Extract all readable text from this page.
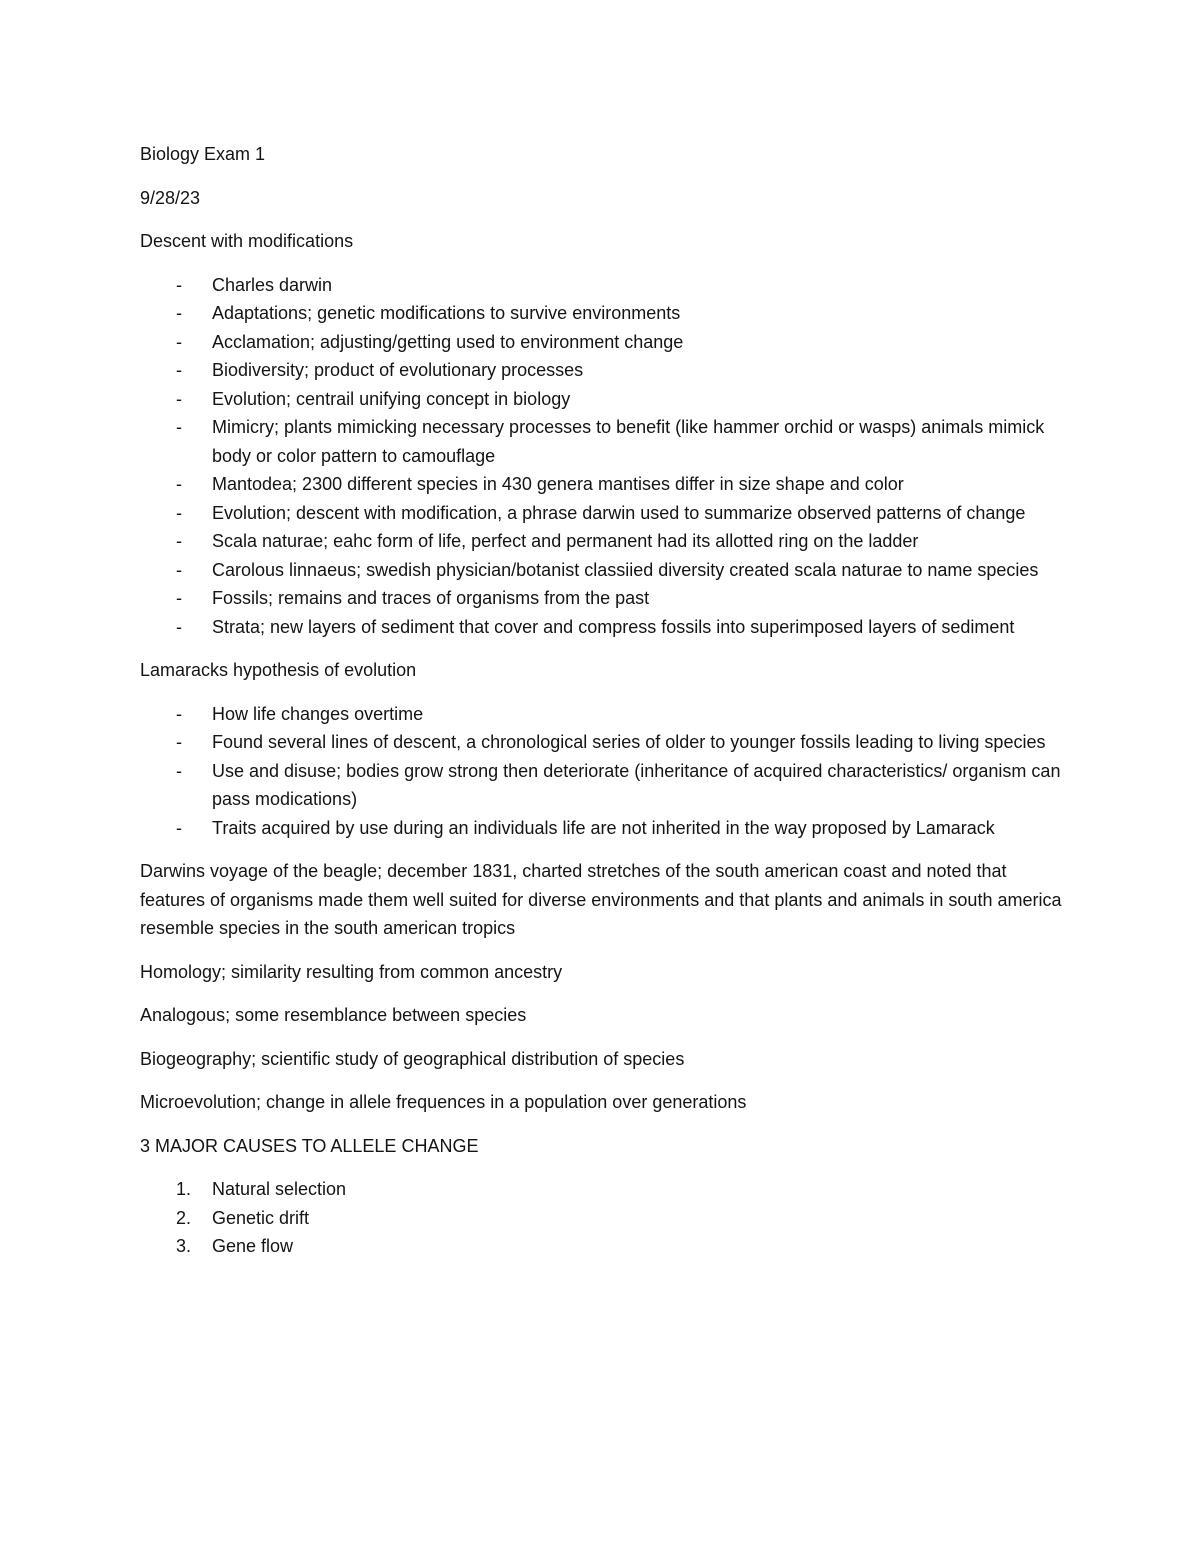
Biology Exam 1

9/28/23

Descent with modifications

- Charles darwin
- Adaptations; genetic modifications to survive environments
- Acclamation; adjusting/getting used to environment change
- Biodiversity; product of evolutionary processes
- Evolution; centrail unifying concept in biology
- Mimicry; plants mimicking necessary processes to benefit (like hammer orchid or wasps) animals mimick body or color pattern to camouflage
- Mantodea; 2300 different species in 430 genera mantises differ in size shape and color
- Evolution; descent with modification, a phrase darwin used to summarize observed patterns of change
- Scala naturae; eahc form of life, perfect and permanent had its allotted ring on the ladder
- Carolous linnaeus; swedish physician/botanist classiied diversity created scala naturae to name species
- Fossils; remains and traces of organisms from the past
- Strata; new layers of sediment that cover and compress fossils into superimposed layers of sediment

Lamaracks hypothesis of evolution

- How life changes overtime
- Found several lines of descent, a chronological series of older to younger fossils leading to living species
- Use and disuse; bodies grow strong then deteriorate (inheritance of acquired characteristics/ organism can pass modications)
- Traits acquired by use during an individuals life are not inherited in the way proposed by Lamarack

Darwins voyage of the beagle; december 1831, charted stretches of the south american coast and noted that features of organisms made them well suited for diverse environments and that plants and animals in south america resemble species in the south american tropics

Homology; similarity resulting from common ancestry

Analogous; some resemblance between species

Biogeography; scientific study of geographical distribution of species

Microevolution; change in allele frequences in a population over generations

3 MAJOR CAUSES TO ALLELE CHANGE

1. Natural selection
2. Genetic drift
3. Gene flow
